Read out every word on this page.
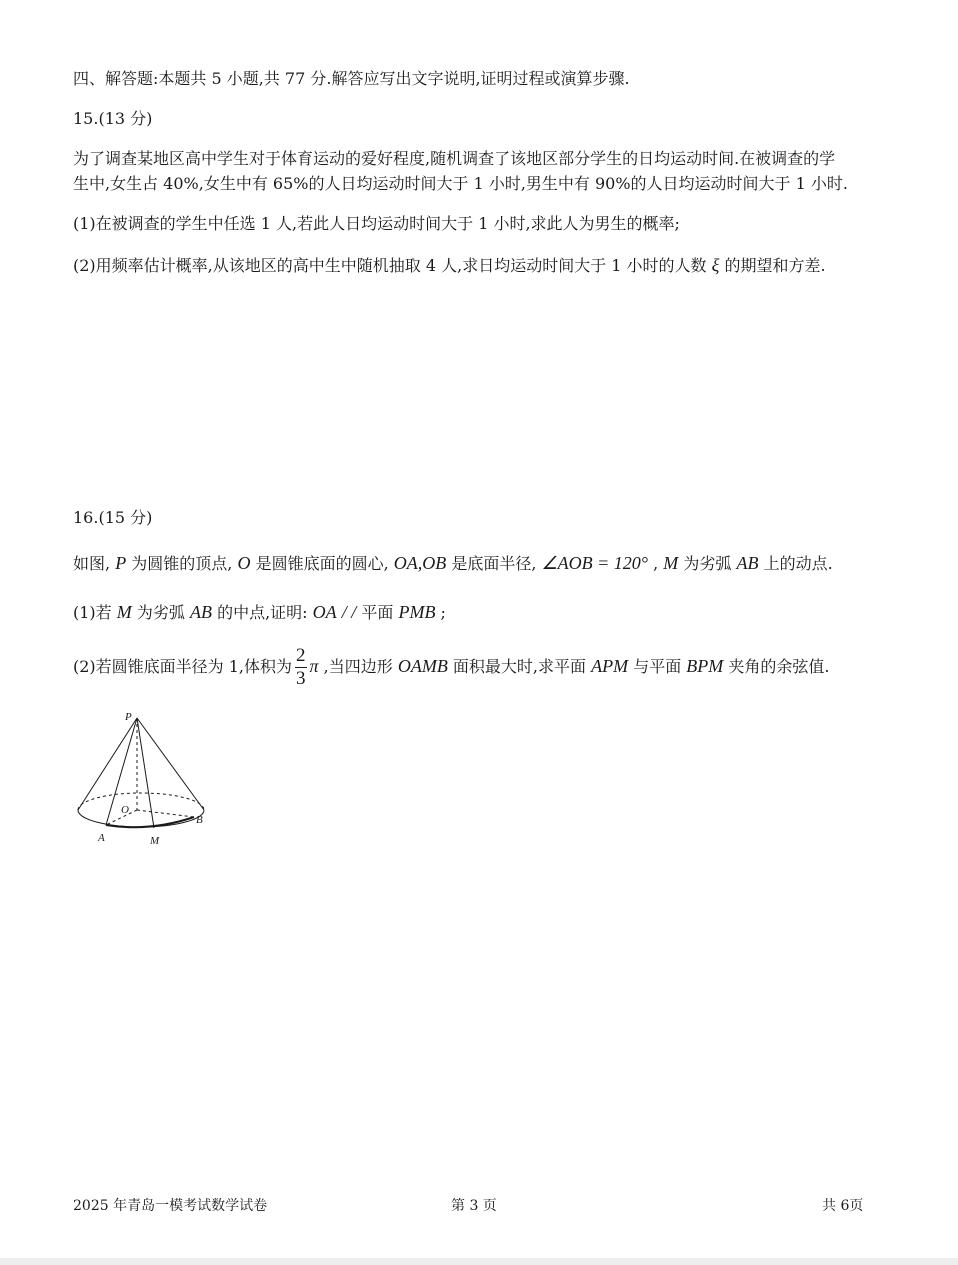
四、解答题:本题共 5 小题,共 77 分.解答应写出文字说明,证明过程或演算步骤.
15.(13 分)
为了调查某地区高中学生对于体育运动的爱好程度,随机调查了该地区部分学生的日均运动时间.在被调查的学
生中,女生占 40%,女生中有 65%的人日均运动时间大于 1 小时,男生中有 90%的人日均运动时间大于 1 小时.
(1)在被调查的学生中任选 1 人,若此人日均运动时间大于 1 小时,求此人为男生的概率;
(2)用频率估计概率,从该地区的高中生中随机抽取 4 人,求日均运动时间大于 1 小时的人数 ξ 的期望和方差.
16.(15 分)
如图, P 为圆锥的顶点, O 是圆锥底面的圆心, OA,OB 是底面半径, ∠AOB = 120° , M 为劣弧 AB 上的动点.
(1)若 M 为劣弧 AB 的中点,证明: OA / / 平面 PMB ;
(2)若圆锥底面半径为 1,体积为 $\frac{2}{3}$ π ,当四边形 OAMB 面积最大时,求平面 APM 与平面 BPM 夹角的余弦值.
P
O
A	M
B
2025 年青岛一模考试数学试卷	第 3 页	共 6页
